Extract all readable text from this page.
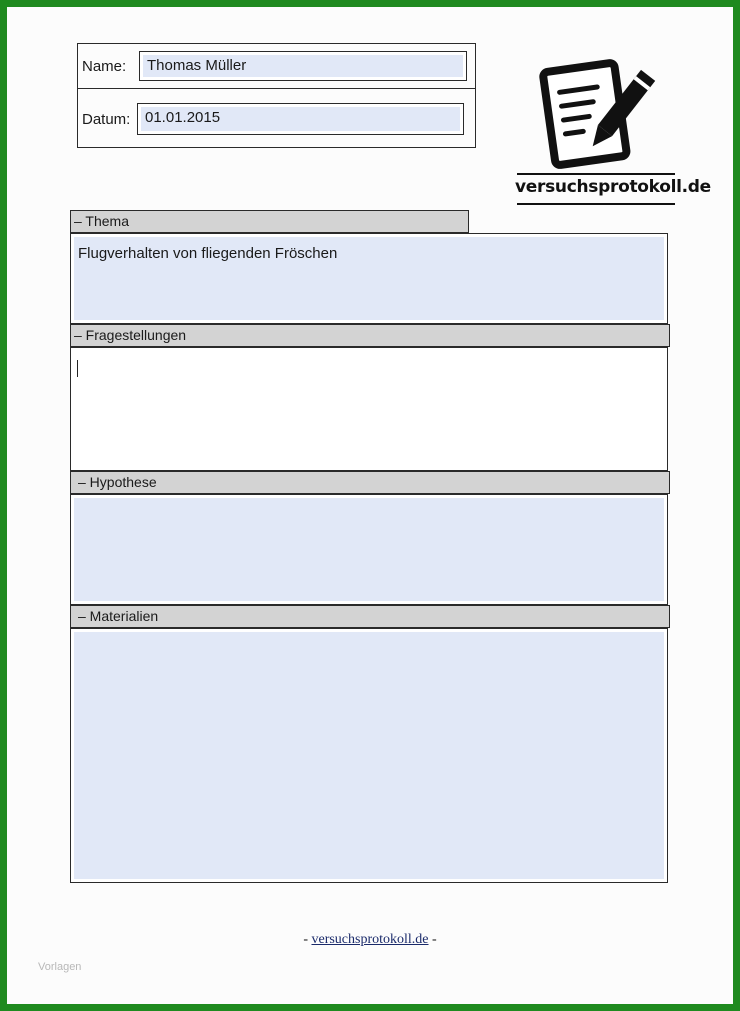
Name: Thomas Müller
Datum: 01.01.2015
versuchsprotokoll.de
– Thema
Flugverhalten von fliegenden Fröschen
– Fragestellungen
– Hypothese
– Materialien
- versuchsprotokoll.de -
Vorlagen
